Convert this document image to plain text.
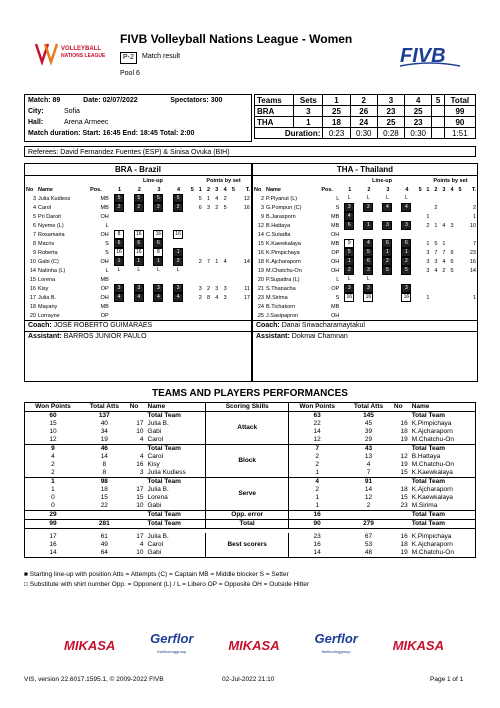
VOLLEYBALL
NATIONS LEAGUE
FIVB Volleyball Nations League - Women
P-2	Match result
Pool 6
FIVB
Match: 89	Date: 02/07/2022	Spectators: 300
City:	Sofia
Hall:	Arena Armeec
Match duration: Start: 16:45 End: 18:45 Total: 2:00
Teams	Sets	1	2	3	4	5	Total
BRA	3	25	26	23	25		99
THA	1	18	24	25	23		90
Duration:		0:23	0:30	0:28	0:30		1:51
Referees: David Fernandez Fuentes (ESP) & Sinisa Ovuka (BIH)
BRA - Brazil
			Line-up					Points by set					
No	Name	Pos.	1	2	3	4	5	1	2	3	4	5	T.
3	Julia Kudiess	MB	5	5	5	5		5	1	4	2		12
4	Carol	MB	2	2	2	2		6	3	2	5		16
5	Pri Daroit	OH											
6	Nyeme (L)	L											
7	Rosamaria	OH	8	16	16	16							
8	Macris	S	6	6	6								
9	Roberta	S	16	16	8	1							
10	Gabi (C)	OH	1	1	1	2		2	7	1	4		14
14	Natinha (L)	L	L	L	L	L							
15	Lorena	MB											
16	Kisy	OP	3	3	3	3		3	2	3	3		11
17	Julia B.	OH	4	4	4	4		2	8	4	3		17
18	Mayany	MB											
20	Lorrayne	OP											
Coach: JOSÉ ROBERTO GUIMARAES
Assistant: BARROS JUNIOR PAULO
THA - Thailand
			Line-up					Points by set					
No	Name	Pos.	1	2	3	4	5	1	2	3	4	5	T.
2	P.Piyanut (L)	L	L	L	L	L							
3	G.Pompun (C)	S	3	2	4	4			2				2
9	B.Jarasporn	MB	4					1					1
12	B.Hattaya	MB	6	1	3	3		2	1	4	3		10
14	C.Sutadta	OH											
15	K.Kaewkalaya	MB	9	4	6	6		1	5	1			7
16	K.Pimpichaya	OP	5	5	1	1		3	7	7	6		23
18	K.Ajcharaporn	OH	1	6	2	2		3	3	4	6		16
19	M.Chatchu-On	OH	2	3	5	5		3	4	2	5		14
20	P.Supattra (L)	L	L	L									
21	S.Thanacha	OP	3	3		3							
23	M.Sirima	S	16	16		16		1					1
24	B.Tichakorn	MB											
25	J.Sasipapron	OH											
Coach: Danai Sriwacharamaytakul
Assistant: Dokmai Chamnan
TEAMS AND PLAYERS PERFORMANCES
Won Points	Total Atts	No	Name	Scoring Skills	Won Points	Total Atts	No	Name
60	137		Total Team	Attack	63	145		Total Team
15	40	17	Julia B.		22	45	16	K.Pimpichaya
10	34	10	Gabi		14	39	18	K.Ajcharaporn
12	19	4	Carol		12	29	19	M.Chatchu-On
9	46		Total Team	Block	7	43		Total Team
4	14	4	Carol		2	13	12	B.Hattaya
2	8	16	Kisy		2	4	19	M.Chatchu-On
2	8	3	Julia Kudiess		1	7	15	K.Kaewkalaya
1	98		Total Team	Serve	4	91		Total Team
1	18	17	Julia B.		2	14	18	K.Ajcharaporn
0	15	15	Lorena		1	12	15	K.Kaewkalaya
0	22	10	Gabi		1	2	23	M.Sirima
29			Total Team	Opp. error	16			Total Team
99	281		Total Team	Total	90	279		Total Team

17	61	17	Julia B.	Best scorers	23	67	16	K.Pimpichaya
16	49	4	Carol		16	53	18	K.Ajcharaporn
14	64	10	Gabi		14	48	19	M.Chatchu-On
■ Starting line-up with position Atts = Attempts (C) = Captain MB = Middle blocker S = Setter
□ Substitute with shirt number Opp. = Opponent (L) / L = Libero OP = Opposite OH = Outside Hitter
MIKASA	Gerflor
theflooringgroup	MIKASA	Gerflor
theflooringgroup	MIKASA
VIS, version 22.6017.1595.1, © 2009-2022 FIVB	02-Jul-2022 21:10	Page 1 of 1
